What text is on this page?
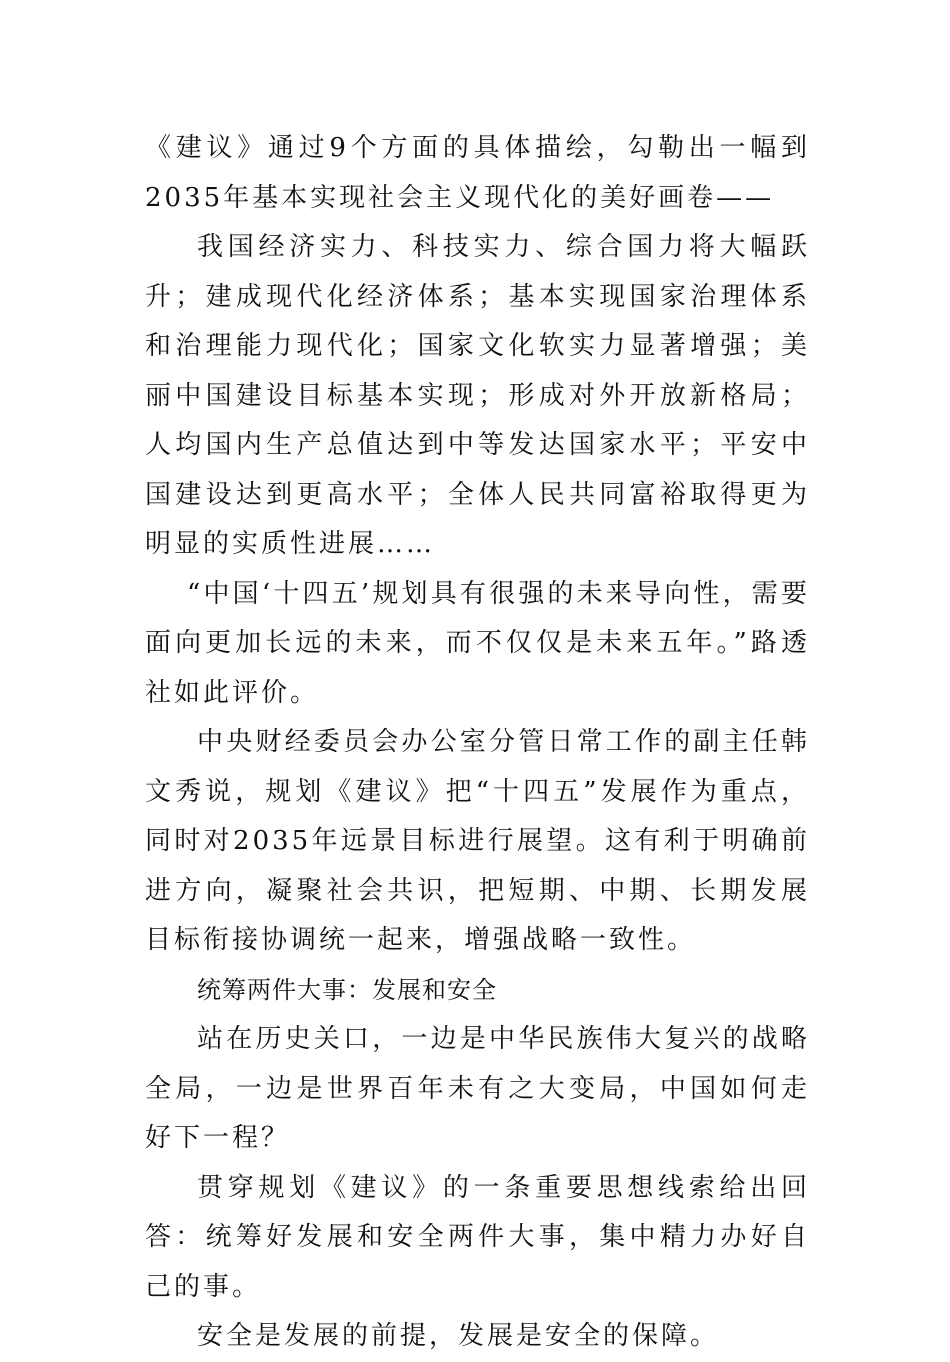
《建议》通过9个方面的具体描绘，勾勒出一幅到2035年基本实现社会主义现代化的美好画卷——

我国经济实力、科技实力、综合国力将大幅跃升；建成现代化经济体系；基本实现国家治理体系和治理能力现代化；国家文化软实力显著增强；美丽中国建设目标基本实现；形成对外开放新格局；人均国内生产总值达到中等发达国家水平；平安中国建设达到更高水平；全体人民共同富裕取得更为明显的实质性进展……

“中国‘十四五’规划具有很强的未来导向性，需要面向更加长远的未来，而不仅仅是未来五年。”路透社如此评价。

中央财经委员会办公室分管日常工作的副主任韩文秀说，规划《建议》把“十四五”发展作为重点，同时对2035年远景目标进行展望。这有利于明确前进方向，凝聚社会共识，把短期、中期、长期发展目标衔接协调统一起来，增强战略一致性。

统筹两件大事：发展和安全

站在历史关口，一边是中华民族伟大复兴的战略全局，一边是世界百年未有之大变局，中国如何走好下一程？

贯穿规划《建议》的一条重要思想线索给出回答：统筹好发展和安全两件大事，集中精力办好自己的事。

安全是发展的前提，发展是安全的保障。
